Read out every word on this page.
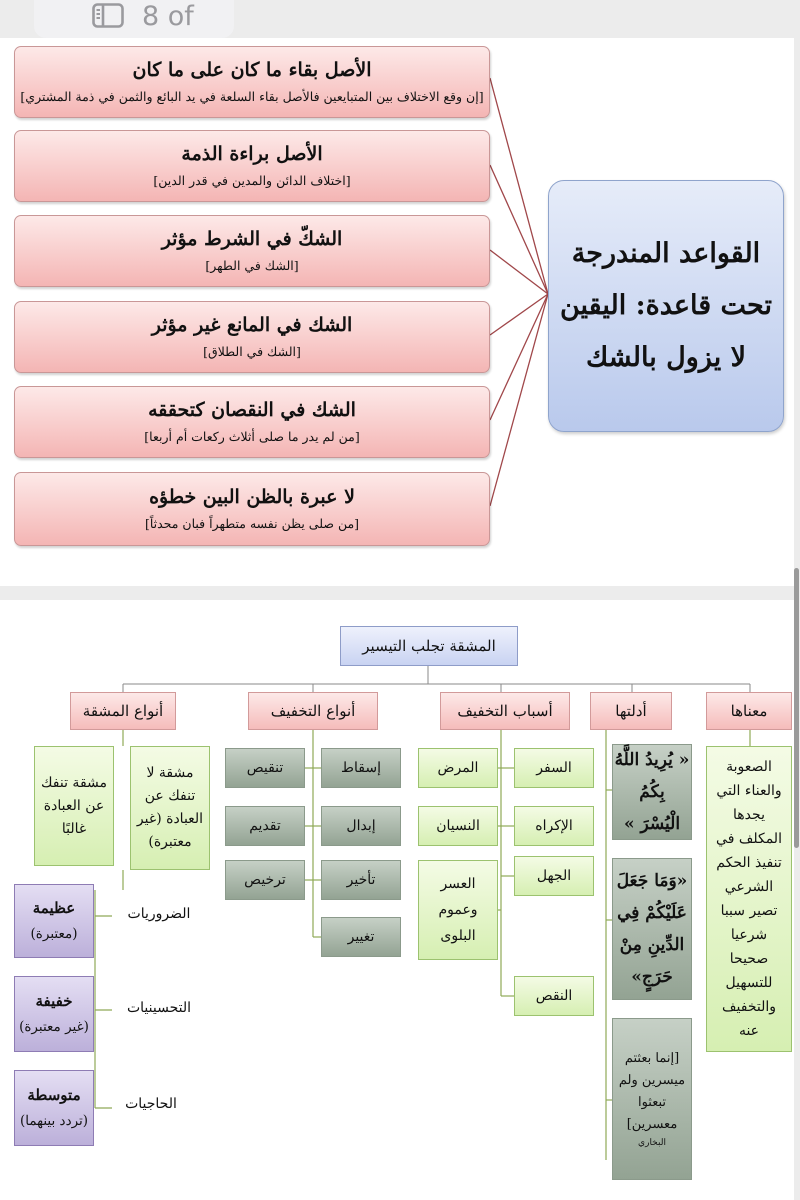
8 of
الأصل بقاء ما كان على ما كان
[إن وقع الاختلاف بين المتبايعين فالأصل بقاء السلعة في يد البائع والثمن في ذمة المشتري]
الأصل براءة الذمة
[اختلاف الدائن والمدين في قدر الدين]
الشكّ في الشرط مؤثر
[الشك في الطهر]
الشك في المانع غير مؤثر
[الشك في الطلاق]
الشك في النقصان كتحققه
[من لم يدر ما صلى أثلاث ركعات أم أربعا]
لا عبرة بالظن البين خطؤه
[من صلى يظن نفسه متطهراً فبان محدثاً]
القواعد المندرجة
تحت قاعدة: اليقين
لا يزول بالشك
المشقة تجلب التيسير
معناها
أدلتها
أسباب التخفيف
أنواع التخفيف
أنواع المشقة
الصعوبة
والعناء التي
يجدها
المكلف في
تنفيذ الحكم
الشرعي
تصير سببا
شرعيا
صحيحا
للتسهيل
والتخفيف
عنه
« يُرِيدُ اللَّهُ
بِكُمُ
الْيُسْرَ »
«وَمَا جَعَلَ
عَلَيْكُمْ فِي
الدِّينِ مِنْ
حَرَجٍ»
[إنما بعثتم
ميسرين ولم
تبعثوا
معسرين]
البخاري
السفر
الإكراه
الجهل
النقص
المرض
النسيان
العسر
وعموم
البلوى
إسقاط
إبدال
تأخير
تغيير
تنقيص
تقديم
ترخيص
مشقة لا
تنفك عن
العبادة (غير
معتبرة)
مشقة تنفك
عن العبادة
غالبًا
الضروريات
التحسينيات
الحاجيات
عظيمة
(معتبرة)
خفيفة
(غير معتبرة)
متوسطة
(تردد بينهما)
